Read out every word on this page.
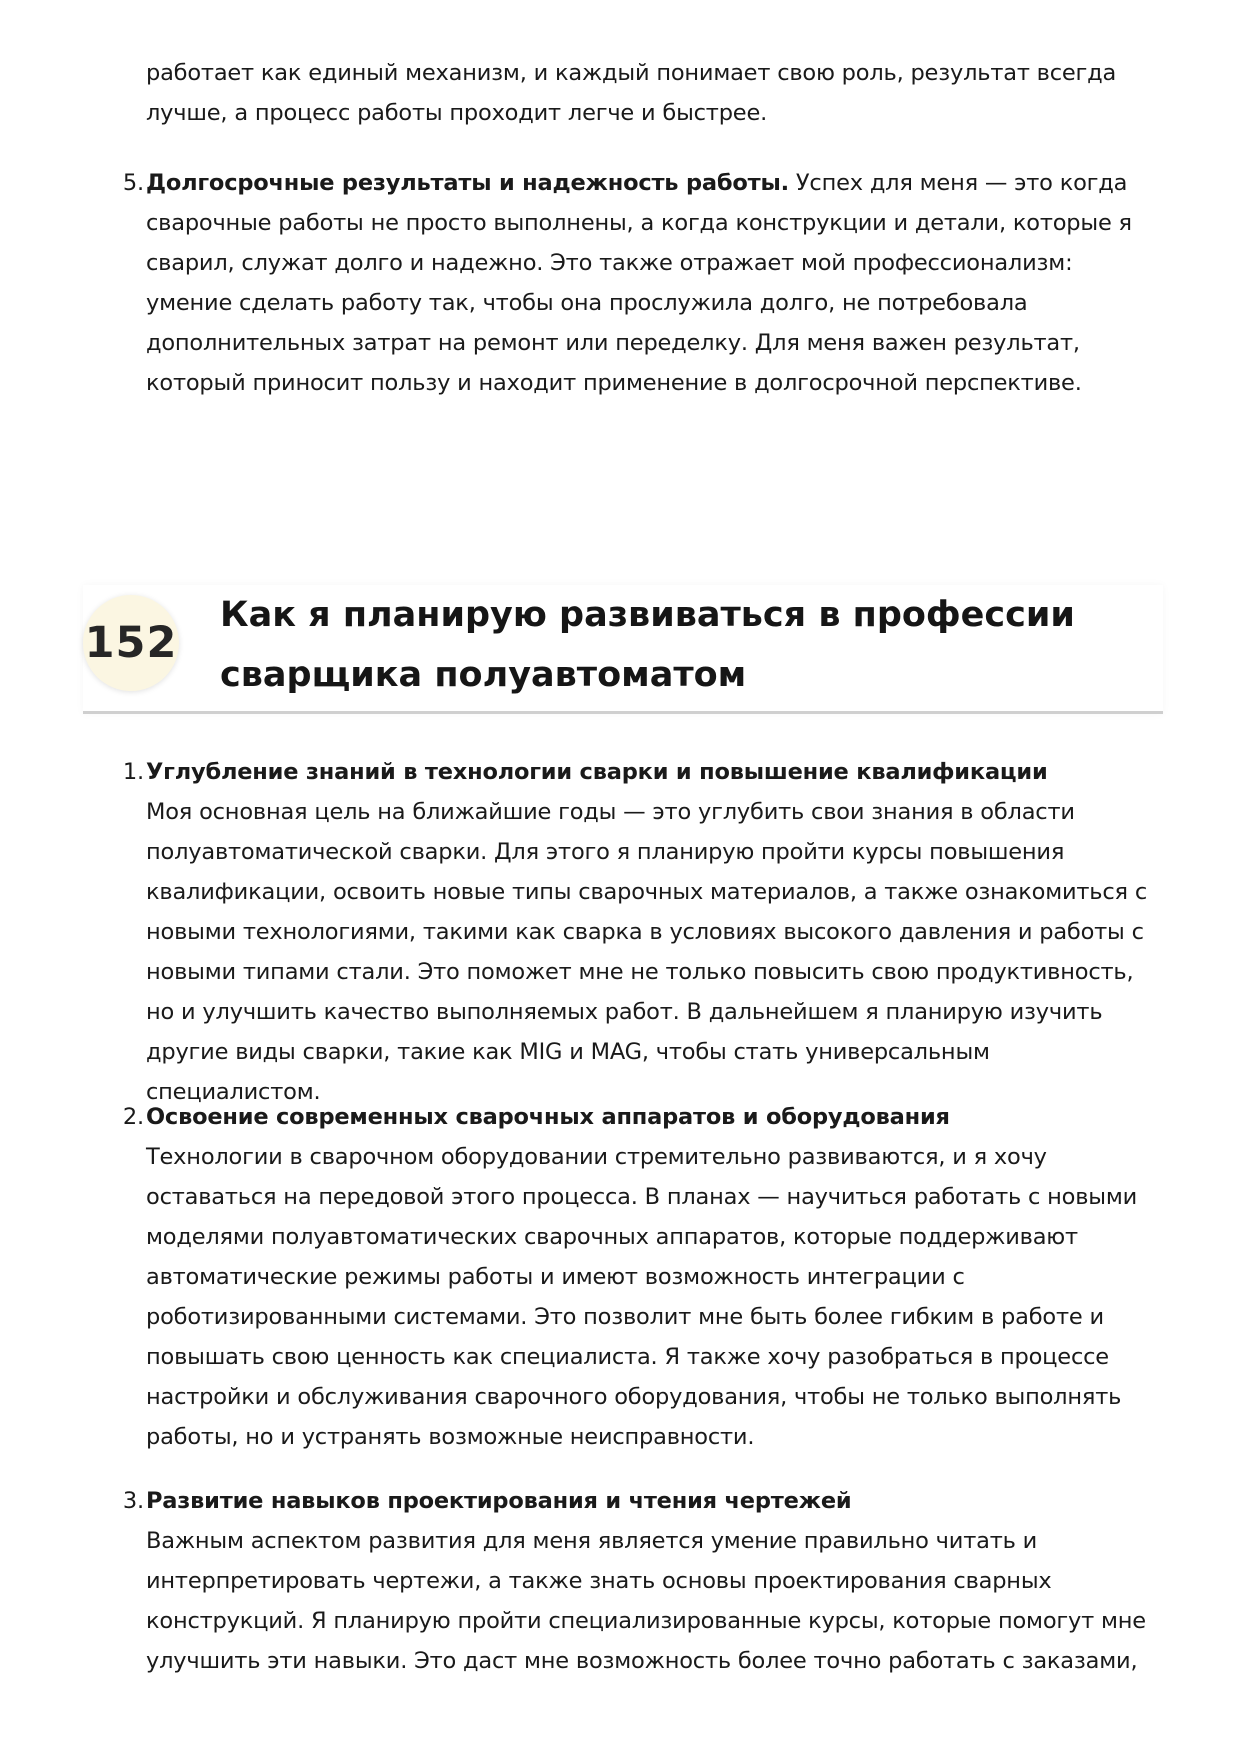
работает как единый механизм, и каждый понимает свою роль, результат всегда лучше, а процесс работы проходит легче и быстрее.

5. Долгосрочные результаты и надежность работы. Успех для меня — это когда сварочные работы не просто выполнены, а когда конструкции и детали, которые я сварил, служат долго и надежно. Это также отражает мой профессионализм: умение сделать работу так, чтобы она прослужила долго, не потребовала дополнительных затрат на ремонт или переделку. Для меня важен результат, который приносит пользу и находит применение в долгосрочной перспективе.

152
Как я планирую развиваться в профессии сварщика полуавтоматом
1. Углубление знаний в технологии сварки и повышение квалификации
Моя основная цель на ближайшие годы — это углубить свои знания в области полуавтоматической сварки. Для этого я планирую пройти курсы повышения квалификации, освоить новые типы сварочных материалов, а также ознакомиться с новыми технологиями, такими как сварка в условиях высокого давления и работы с новыми типами стали. Это поможет мне не только повысить свою продуктивность, но и улучшить качество выполняемых работ. В дальнейшем я планирую изучить другие виды сварки, такие как MIG и MAG, чтобы стать универсальным специалистом.
2. Освоение современных сварочных аппаратов и оборудования
Технологии в сварочном оборудовании стремительно развиваются, и я хочу оставаться на передовой этого процесса. В планах — научиться работать с новыми моделями полуавтоматических сварочных аппаратов, которые поддерживают автоматические режимы работы и имеют возможность интеграции с роботизированными системами. Это позволит мне быть более гибким в работе и повышать свою ценность как специалиста. Я также хочу разобраться в процессе настройки и обслуживания сварочного оборудования, чтобы не только выполнять работы, но и устранять возможные неисправности.
3. Развитие навыков проектирования и чтения чертежей
Важным аспектом развития для меня является умение правильно читать и интерпретировать чертежи, а также знать основы проектирования сварных конструкций. Я планирую пройти специализированные курсы, которые помогут мне улучшить эти навыки. Это даст мне возможность более точно работать с заказами,
